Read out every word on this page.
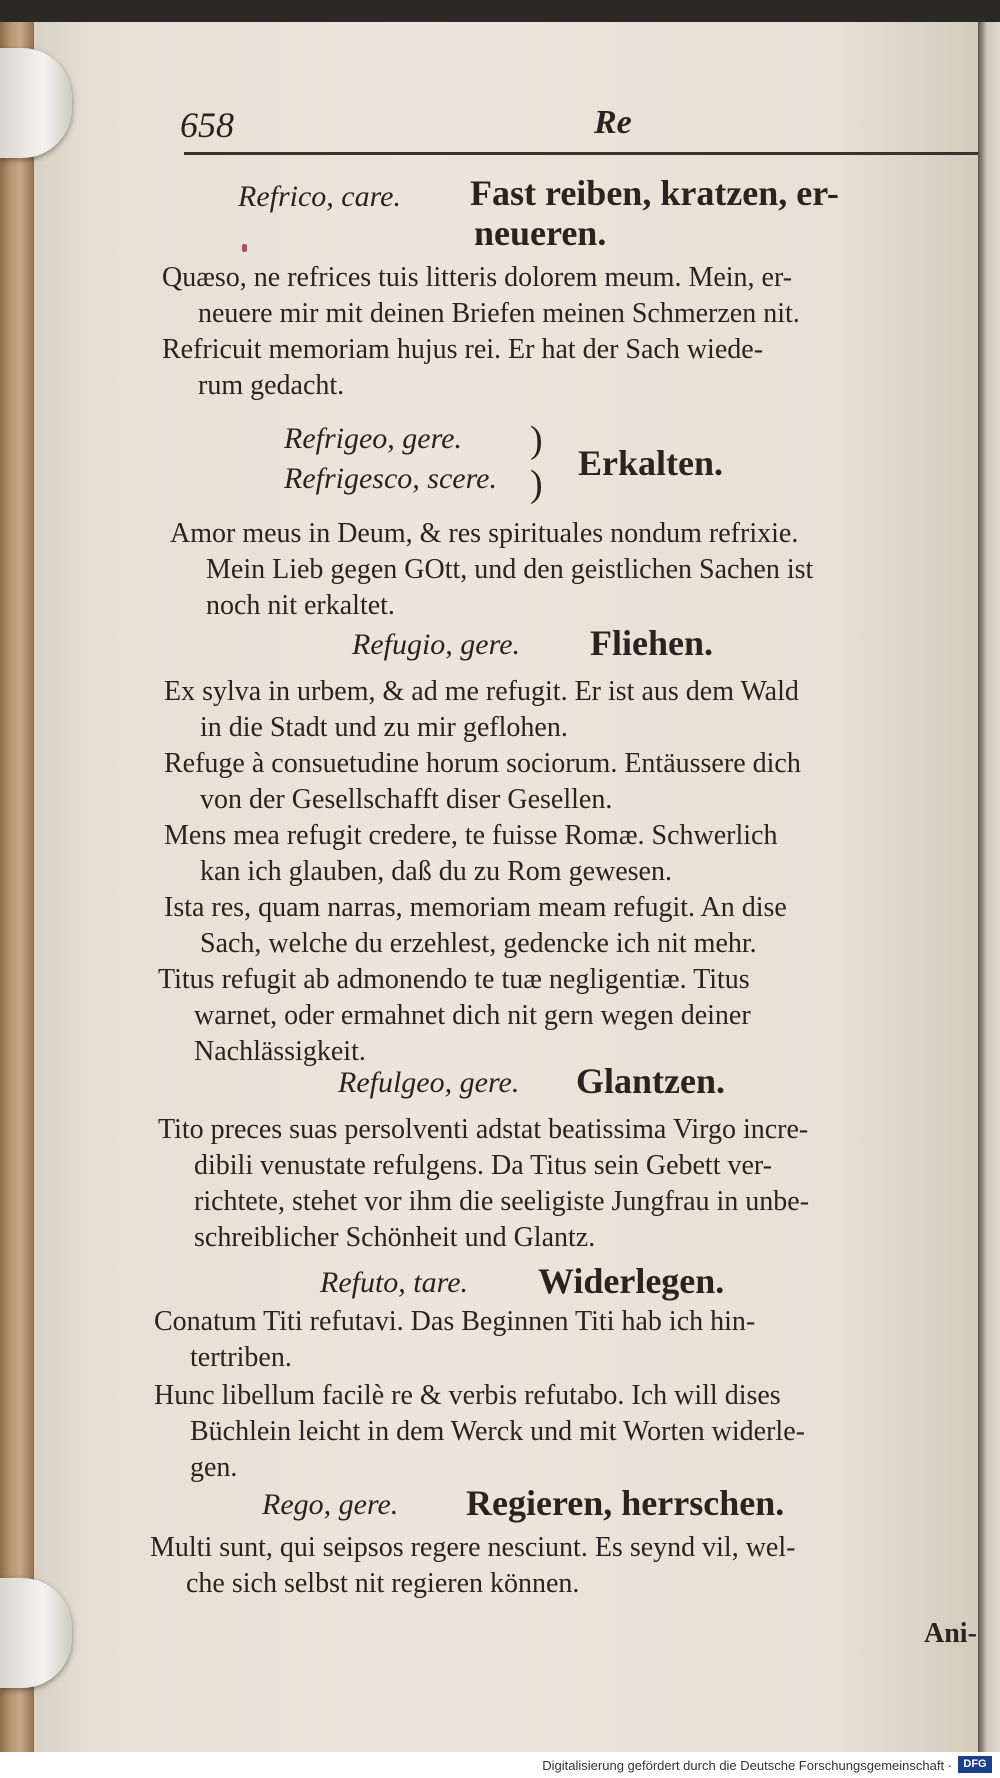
658	Re
Refrico, care. Fast reiben, kratzen, er-
neueren.
Quæso, ne refrices tuis litteris dolorem meum. Mein, er-
neuere mir mit deinen Briefen meinen Schmerzen nit.
Refricuit memoriam hujus rei. Er hat der Sach wiede-
rum gedacht.
Refrigeo, gere.
Refrigesco, scere.
)
) Erkalten.
Amor meus in Deum, & res spirituales nondum refrixie.
Mein Lieb gegen GOtt, und den geistlichen Sachen ist
noch nit erkaltet.
Refugio, gere. Fliehen.
Ex sylva in urbem, & ad me refugit. Er ist aus dem Wald
in die Stadt und zu mir geflohen.
Refuge à consuetudine horum sociorum. Entäussere dich
von der Gesellschafft diser Gesellen.
Mens mea refugit credere, te fuisse Romæ. Schwerlich
kan ich glauben, daß du zu Rom gewesen.
Ista res, quam narras, memoriam meam refugit. An dise
Sach, welche du erzehlest, gedencke ich nit mehr.
Titus refugit ab admonendo te tuæ negligentiæ. Titus
warnet, oder ermahnet dich nit gern wegen deiner
Nachlässigkeit.
Refulgeo, gere. Glantzen.
Tito preces suas persolventi adstat beatissima Virgo incre-
dibili venustate refulgens. Da Titus sein Gebett ver-
richtete, stehet vor ihm die seeligiste Jungfrau in unbe-
schreiblicher Schönheit und Glantz.
Refuto, tare. Widerlegen.
Conatum Titi refutavi. Das Beginnen Titi hab ich hin-
tertriben.
Hunc libellum facilè re & verbis refutabo. Ich will dises
Büchlein leicht in dem Werck und mit Worten widerle-
gen.
Rego, gere. Regieren, herrschen.
Multi sunt, qui seipsos regere nesciunt. Es seynd vil, wel-
che sich selbst nit regieren können.
Ani-
Digitalisierung gefördert durch die Deutsche Forschungsgemeinschaft ·	DFG
